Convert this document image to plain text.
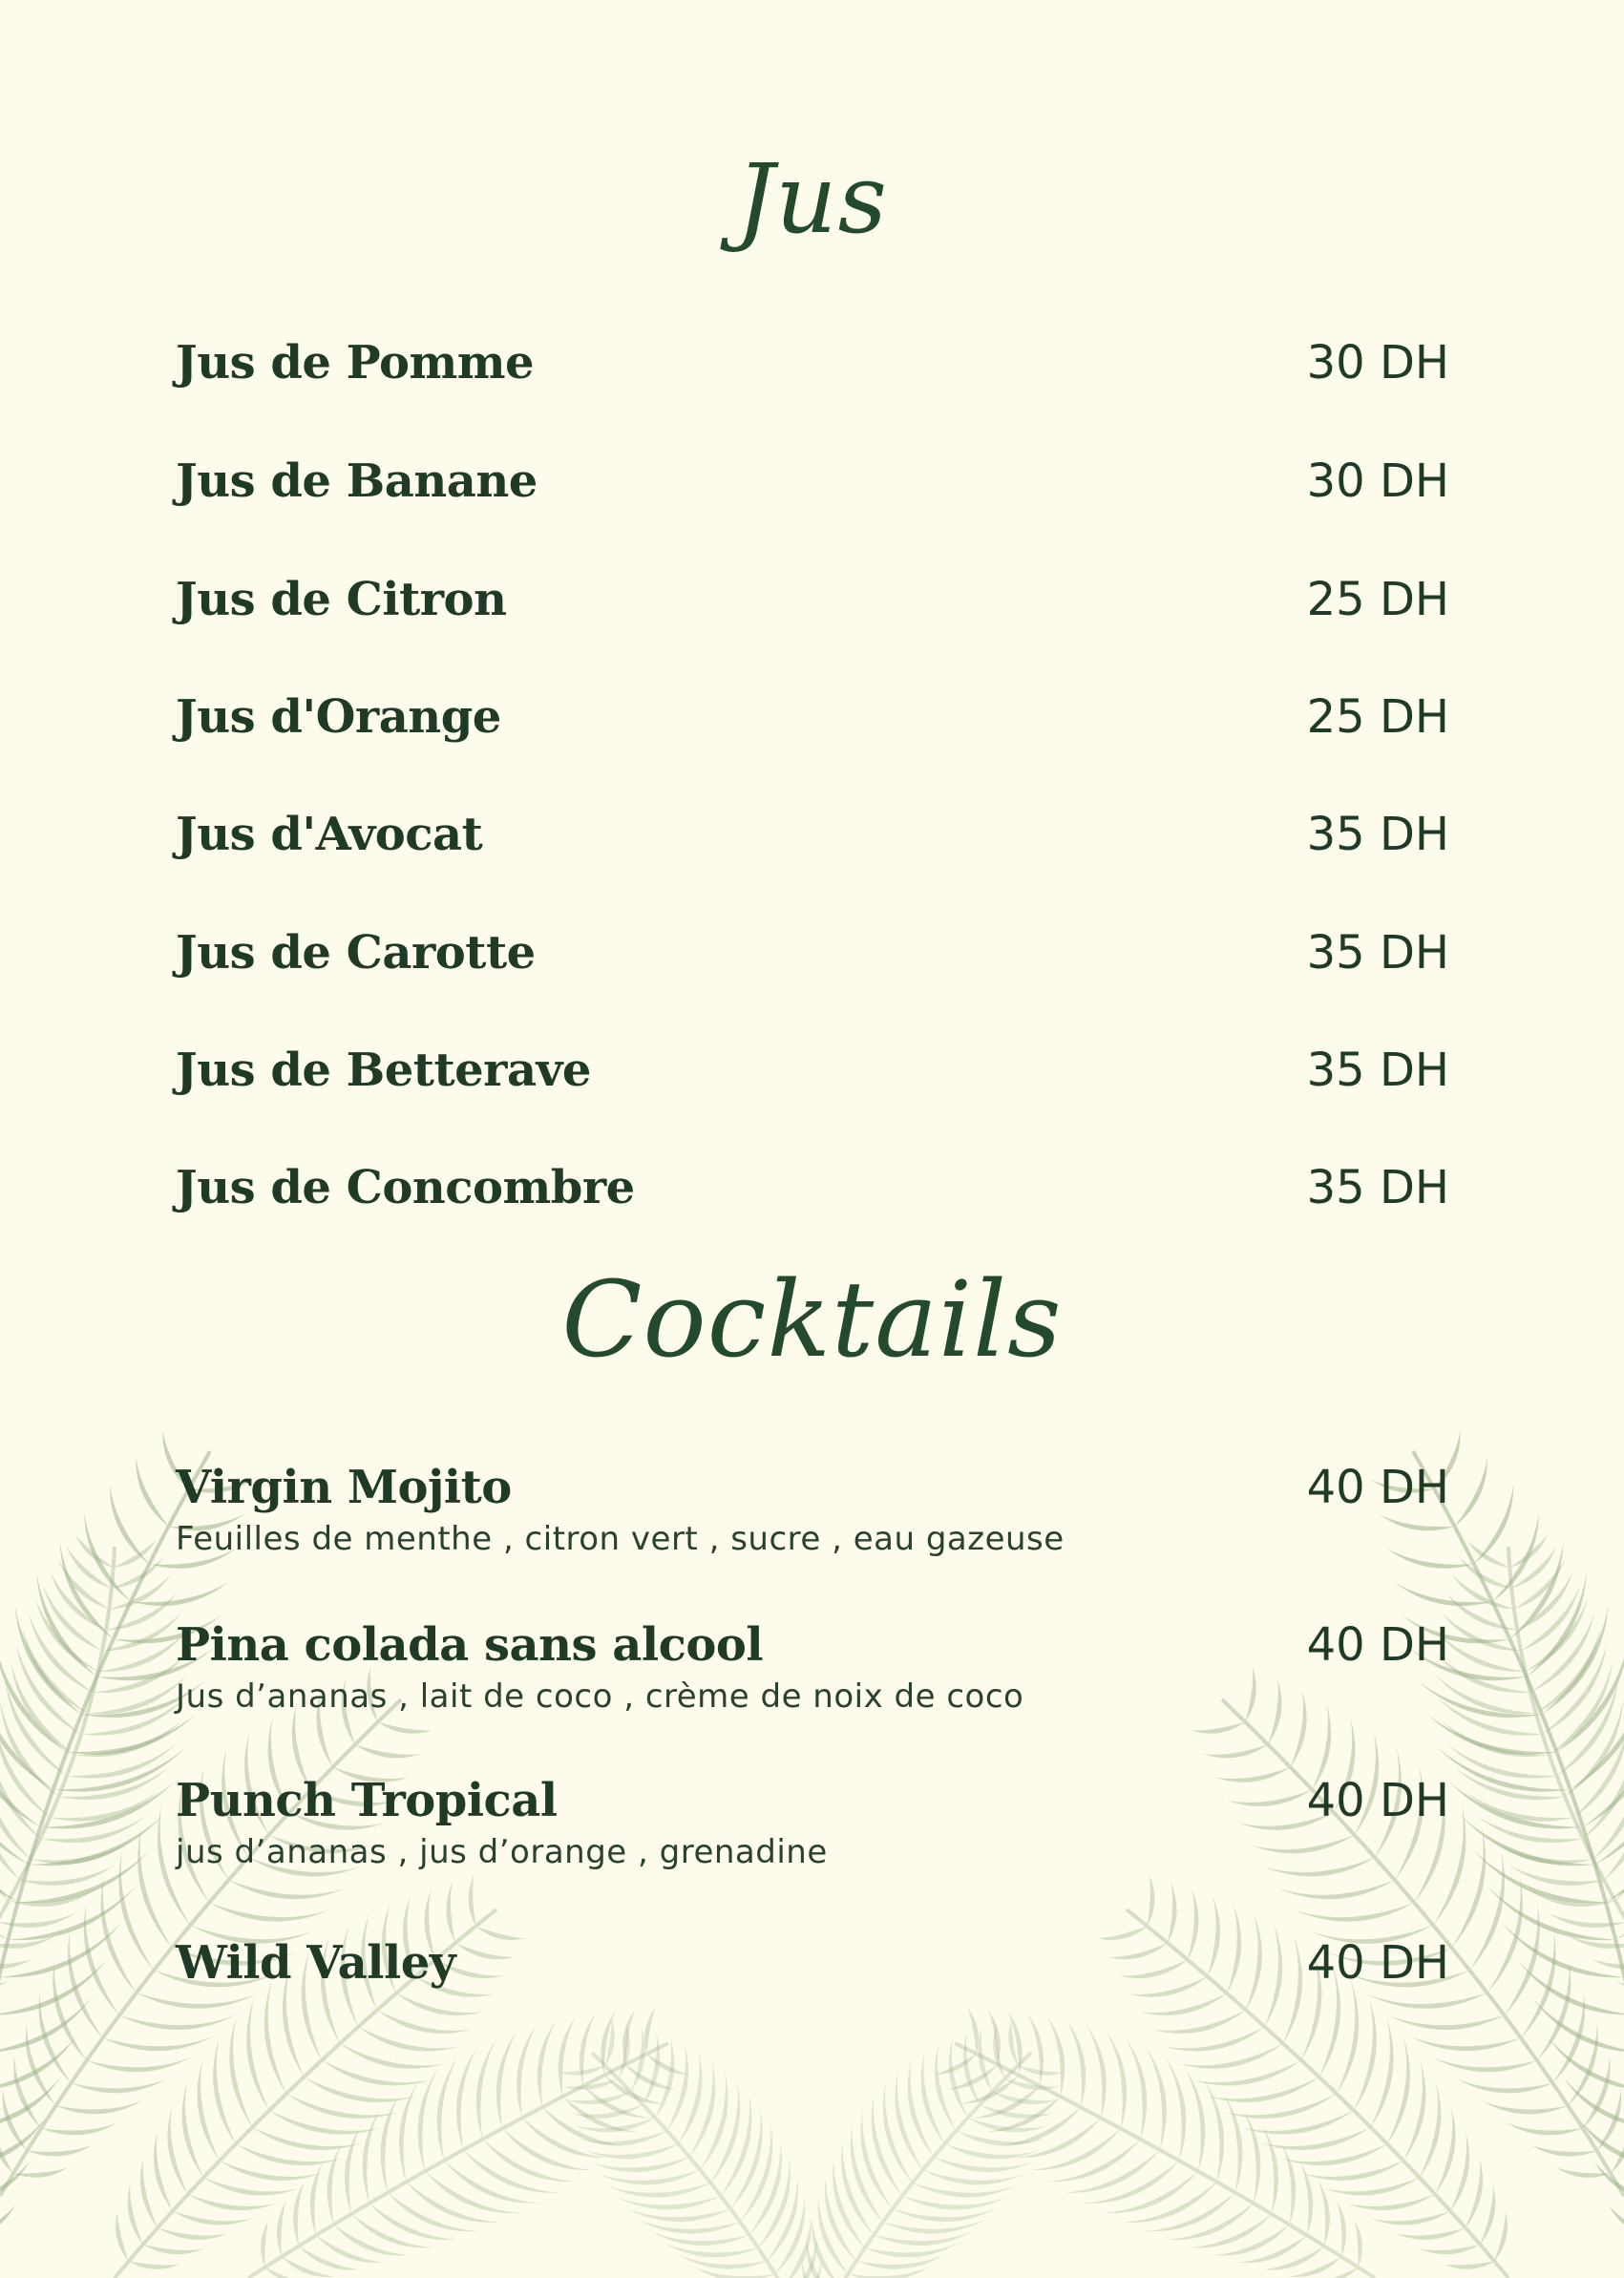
Jus
Jus de Pomme	30 DH
Jus de Banane	30 DH
Jus de Citron	25 DH
Jus d'Orange	25 DH
Jus d'Avocat	35 DH
Jus de Carotte	35 DH
Jus de Betterave	35 DH
Jus de Concombre	35 DH
Cocktails
Virgin Mojito	40 DH
Feuilles de menthe , citron vert , sucre , eau gazeuse
Pina colada sans alcool	40 DH
Jus d’ananas , lait de coco , crème de noix de coco
Punch Tropical	40 DH
jus d’ananas , jus d’orange , grenadine
Wild Valley	40 DH
